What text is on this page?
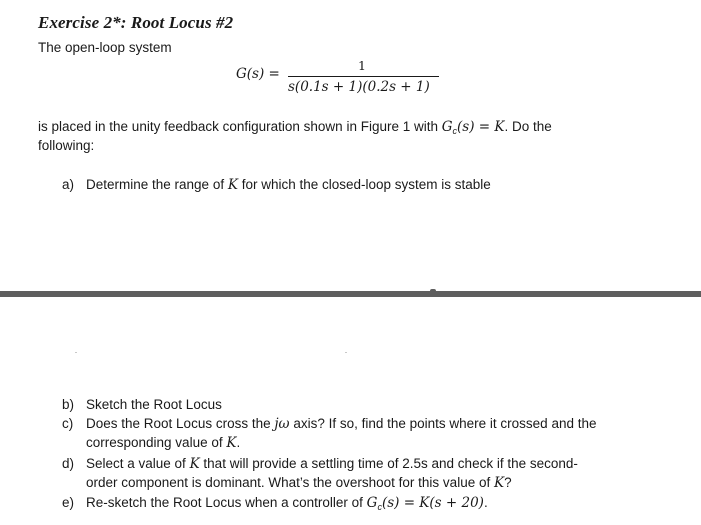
Exercise 2*: Root Locus #2
The open-loop system
G(s) =
1
s(0.1s + 1)(0.2s + 1)
is placed in the unity feedback configuration shown in Figure 1 with $G_c(s) = K$. Do the
following:
a) Determine the range of K for which the closed-loop system is stable
b) Sketch the Root Locus
c) Does the Root Locus cross the jω axis? If so, find the points where it crossed and the
corresponding value of K.
d) Select a value of K that will provide a settling time of 2.5s and check if the second-
order component is dominant. What’s the overshoot for this value of K?
e) Re-sketch the Root Locus when a controller of $G_c(s) = K(s + 20)$.
